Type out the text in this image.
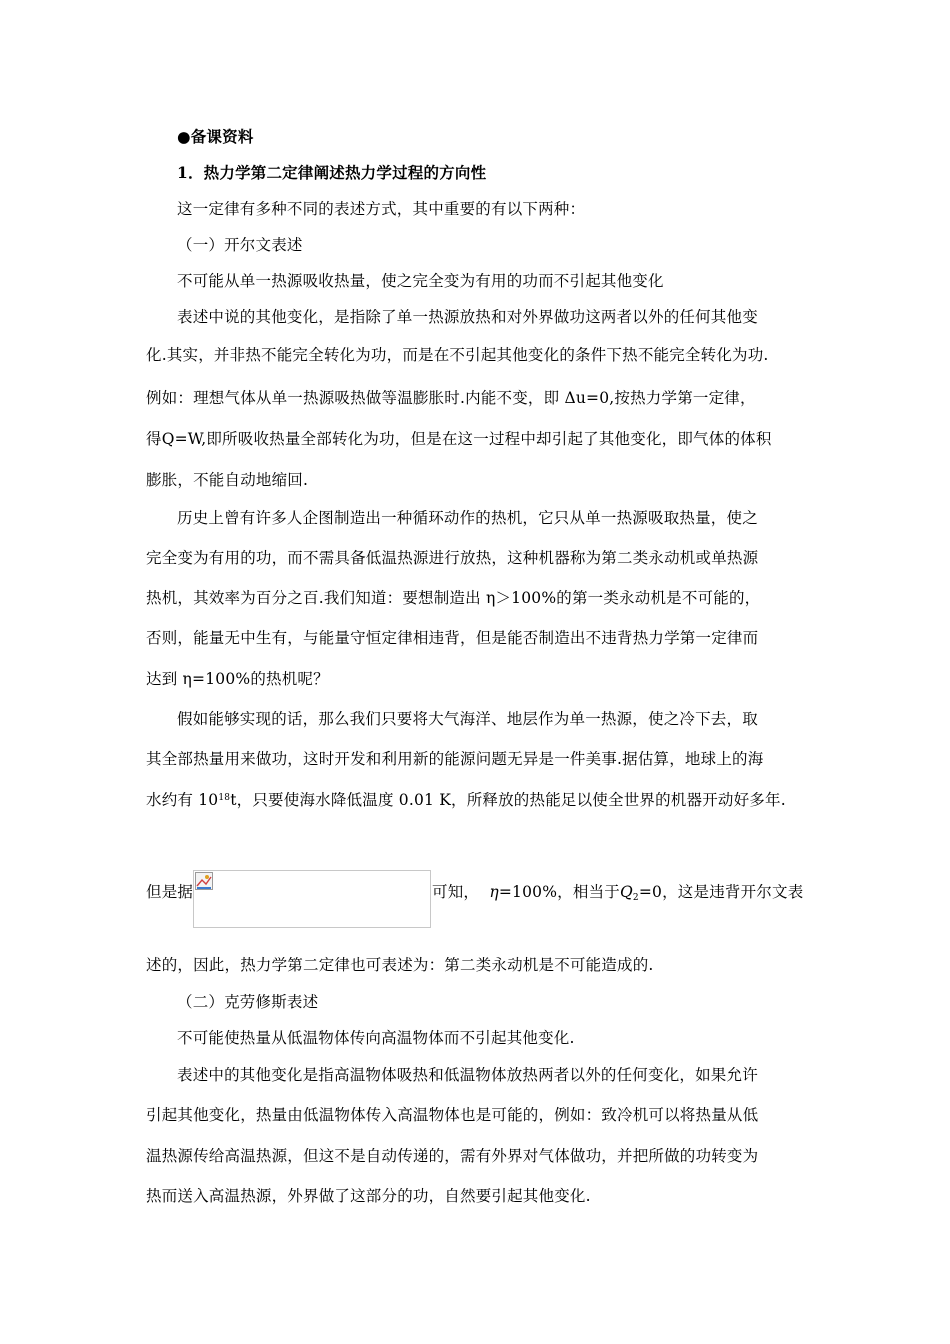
●备课资料
1．热力学第二定律阐述热力学过程的方向性
这一定律有多种不同的表述方式，其中重要的有以下两种：
（一）开尔文表述
不可能从单一热源吸收热量，使之完全变为有用的功而不引起其他变化
表述中说的其他变化，是指除了单一热源放热和对外界做功这两者以外的任何其他变
化.其实，并非热不能完全转化为功，而是在不引起其他变化的条件下热不能完全转化为功.
例如：理想气体从单一热源吸热做等温膨胀时.内能不变，即 Δu=0,按热力学第一定律，
得Q=W,即所吸收热量全部转化为功，但是在这一过程中却引起了其他变化，即气体的体积
膨胀，不能自动地缩回.
历史上曾有许多人企图制造出一种循环动作的热机，它只从单一热源吸取热量，使之
完全变为有用的功，而不需具备低温热源进行放热，这种机器称为第二类永动机或单热源
热机，其效率为百分之百.我们知道：要想制造出 η＞100%的第一类永动机是不可能的，
否则，能量无中生有，与能量守恒定律相违背，但是能否制造出不违背热力学第一定律而
达到 η=100%的热机呢？
假如能够实现的话，那么我们只要将大气海洋、地层作为单一热源，使之冷下去，取
其全部热量用来做功，这时开发和利用新的能源问题无异是一件美事.据估算，地球上的海
水约有 $10^{18}t$，只要使海水降低温度 0.01 K，所释放的热能足以使全世界的机器开动好多年.
但是据	可知， η=100%，相当于$Q_2=0$，这是违背开尔文表
述的，因此，热力学第二定律也可表述为：第二类永动机是不可能造成的.
（二）克劳修斯表述
不可能使热量从低温物体传向高温物体而不引起其他变化.
表述中的其他变化是指高温物体吸热和低温物体放热两者以外的任何变化，如果允许
引起其他变化，热量由低温物体传入高温物体也是可能的，例如：致冷机可以将热量从低
温热源传给高温热源，但这不是自动传递的，需有外界对气体做功，并把所做的功转变为
热而送入高温热源，外界做了这部分的功，自然要引起其他变化.
